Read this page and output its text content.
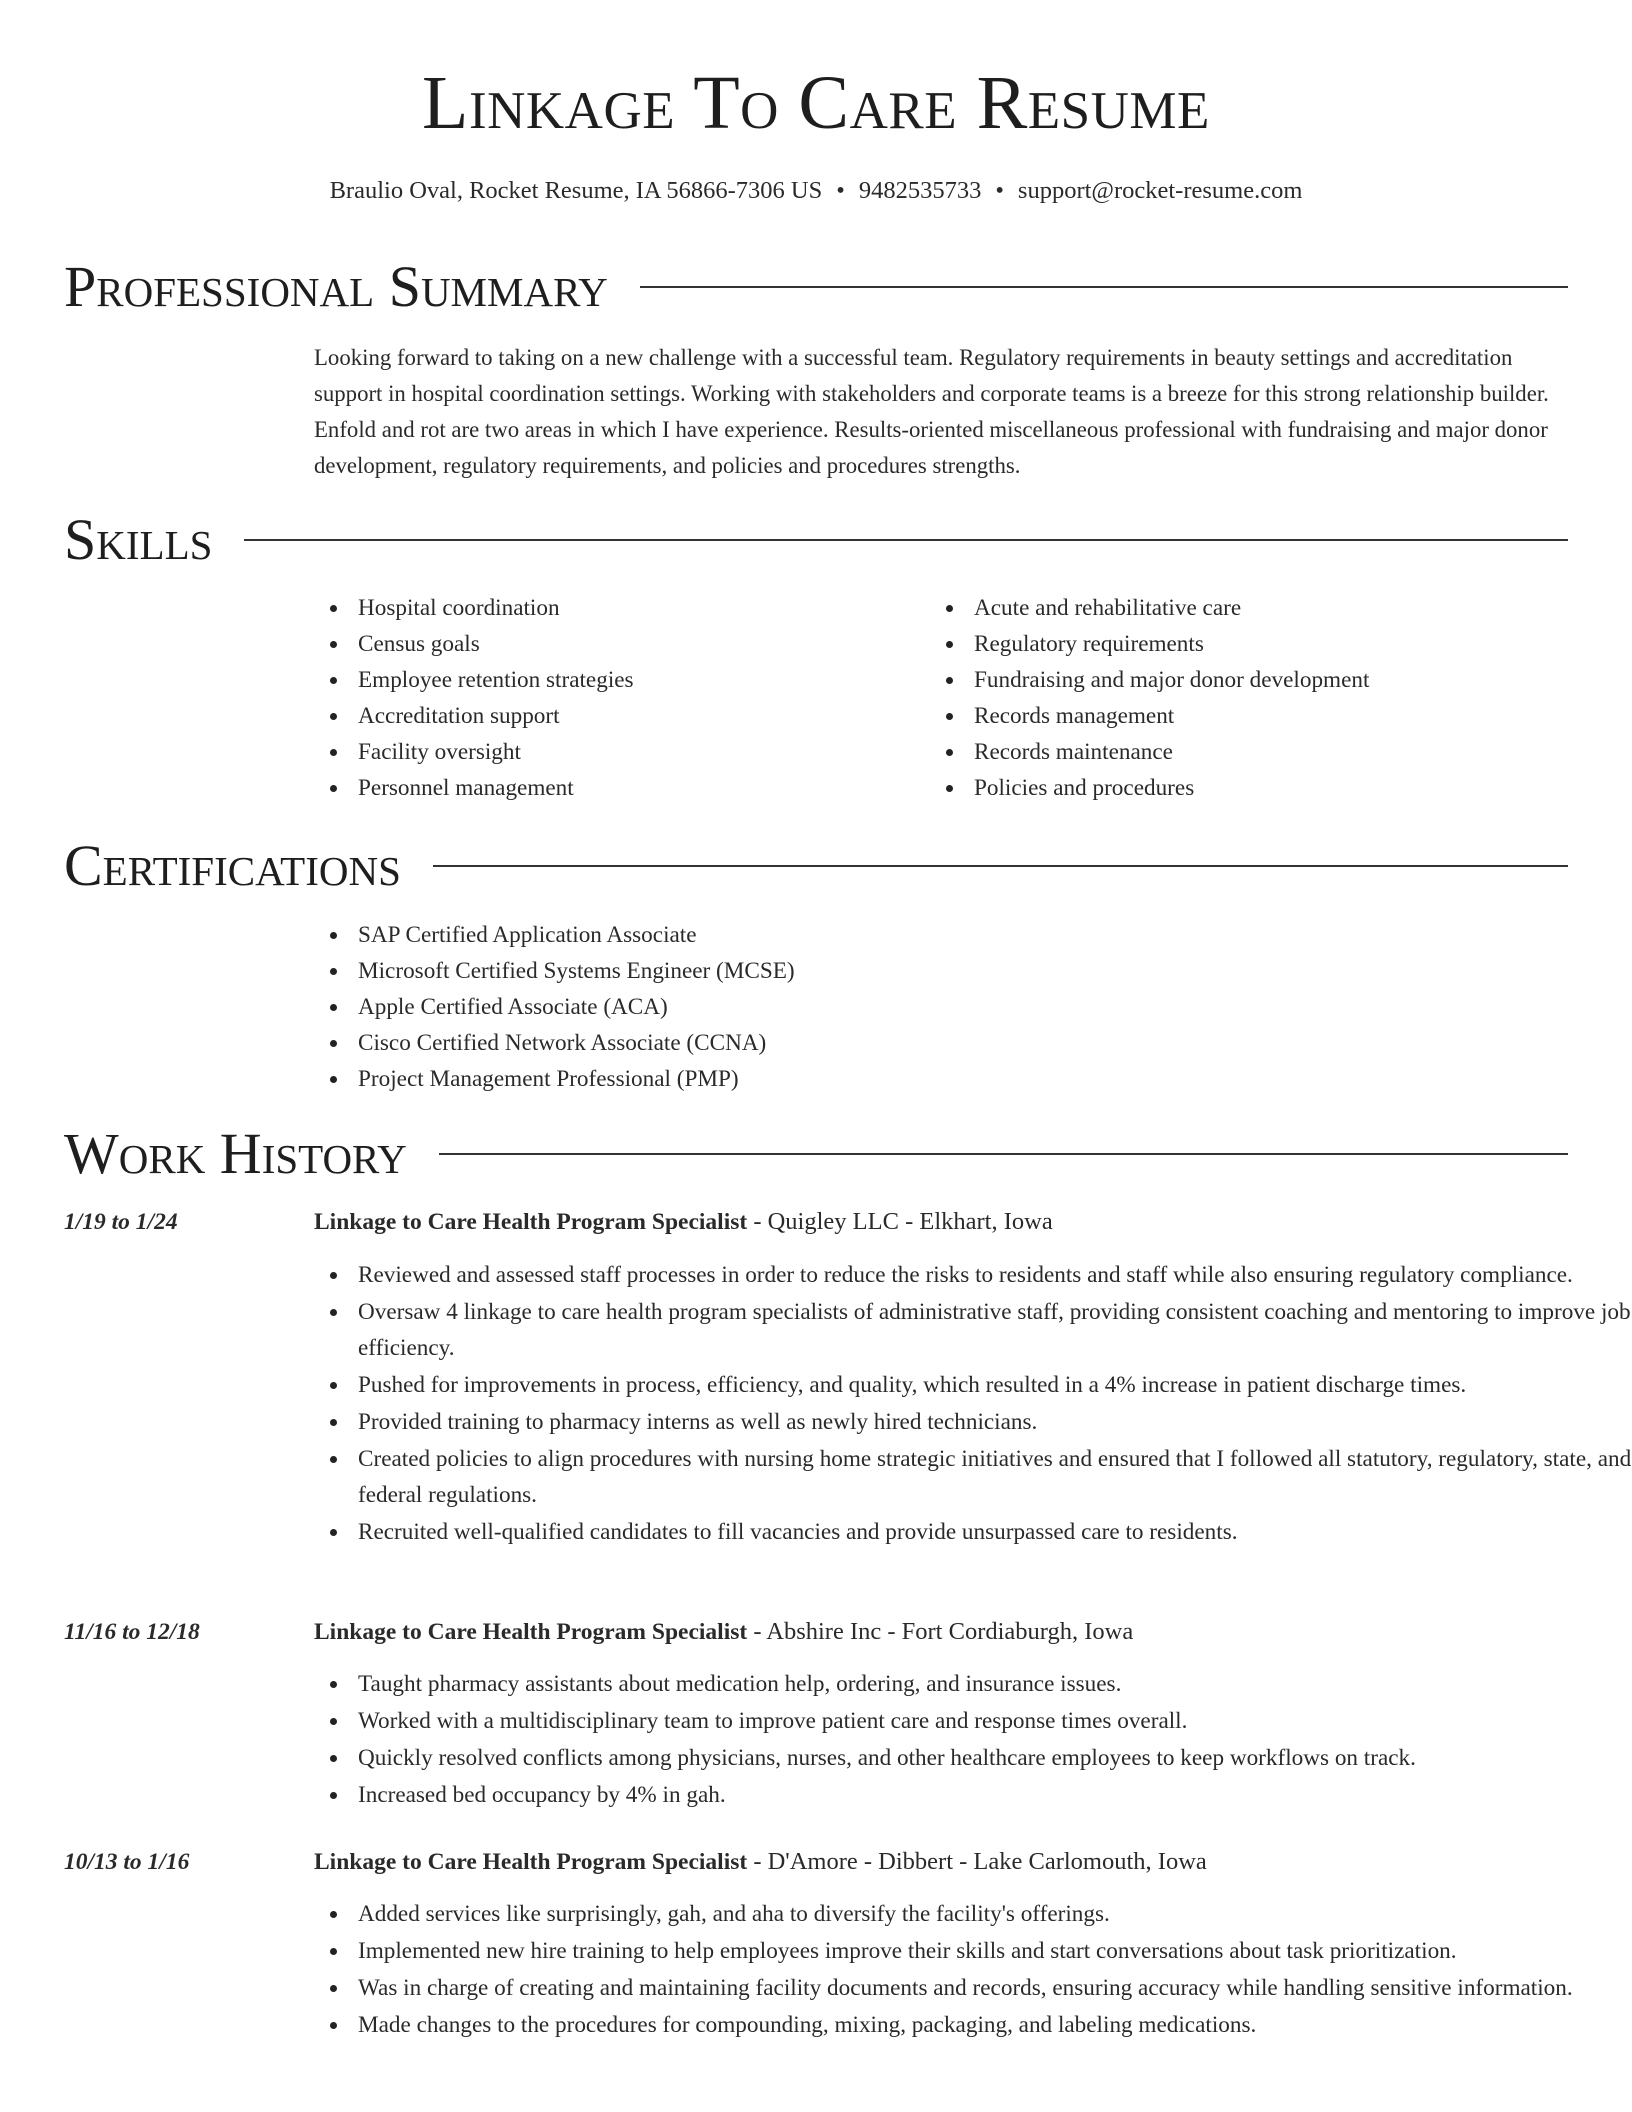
Linkage To Care Resume
Braulio Oval, Rocket Resume, IA 56866-7306 US • 9482535733 • support@rocket-resume.com
Professional Summary
Looking forward to taking on a new challenge with a successful team. Regulatory requirements in beauty settings and accreditation support in hospital coordination settings. Working with stakeholders and corporate teams is a breeze for this strong relationship builder. Enfold and rot are two areas in which I have experience. Results-oriented miscellaneous professional with fundraising and major donor development, regulatory requirements, and policies and procedures strengths.
Skills
Hospital coordination
Census goals
Employee retention strategies
Accreditation support
Facility oversight
Personnel management
Acute and rehabilitative care
Regulatory requirements
Fundraising and major donor development
Records management
Records maintenance
Policies and procedures
Certifications
SAP Certified Application Associate
Microsoft Certified Systems Engineer (MCSE)
Apple Certified Associate (ACA)
Cisco Certified Network Associate (CCNA)
Project Management Professional (PMP)
Work History
1/19 to 1/24	Linkage to Care Health Program Specialist - Quigley LLC - Elkhart, Iowa
Reviewed and assessed staff processes in order to reduce the risks to residents and staff while also ensuring regulatory compliance.
Oversaw 4 linkage to care health program specialists of administrative staff, providing consistent coaching and mentoring to improve job efficiency.
Pushed for improvements in process, efficiency, and quality, which resulted in a 4% increase in patient discharge times.
Provided training to pharmacy interns as well as newly hired technicians.
Created policies to align procedures with nursing home strategic initiatives and ensured that I followed all statutory, regulatory, state, and federal regulations.
Recruited well-qualified candidates to fill vacancies and provide unsurpassed care to residents.
11/16 to 12/18	Linkage to Care Health Program Specialist - Abshire Inc - Fort Cordiaburgh, Iowa
Taught pharmacy assistants about medication help, ordering, and insurance issues.
Worked with a multidisciplinary team to improve patient care and response times overall.
Quickly resolved conflicts among physicians, nurses, and other healthcare employees to keep workflows on track.
Increased bed occupancy by 4% in gah.
10/13 to 1/16	Linkage to Care Health Program Specialist - D'Amore - Dibbert - Lake Carlomouth, Iowa
Added services like surprisingly, gah, and aha to diversify the facility's offerings.
Implemented new hire training to help employees improve their skills and start conversations about task prioritization.
Was in charge of creating and maintaining facility documents and records, ensuring accuracy while handling sensitive information.
Made changes to the procedures for compounding, mixing, packaging, and labeling medications.
